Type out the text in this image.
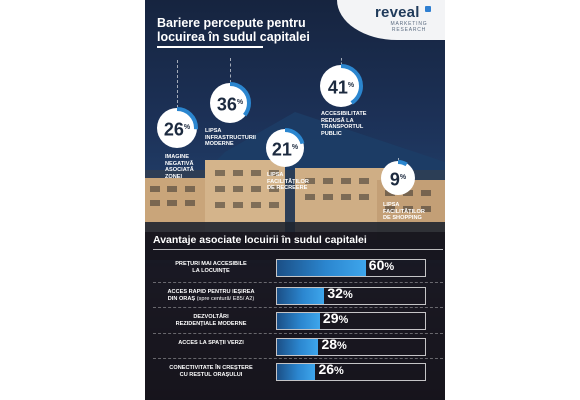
Bariere percepute pentru
locuirea în sudul capitalei
reveal
MARKETING
RESEARCH
26%
IMAGINE
NEGATIVĂ
ASOCIATĂ
ZONEI
36%
LIPSA
INFRASTRUCTURII
MODERNE	21%
LIPSA
FACILITĂȚILOR
DE RECREERE
41%
ACCESIBILITATE
REDUSĂ LA
TRANSPORTUL
PUBLIC
9%
LIPSA
FACILITĂȚILOR
DE SHOPPING
Avantaje asociate locuirii în sudul capitalei
PREȚURI MAI ACCESIBILE
LA LOCUINȚE	60%
ACCES RAPID PENTRU IEȘIREA
DIN ORAȘ (spre centură/ E85/ A2)	32%
DEZVOLTĂRI
REZIDENȚIALE MODERNE	29%
ACCES LA SPAȚII VERZI	28%
CONECTIVITATE ÎN CREȘTERE
CU RESTUL ORAȘULUI	26%
